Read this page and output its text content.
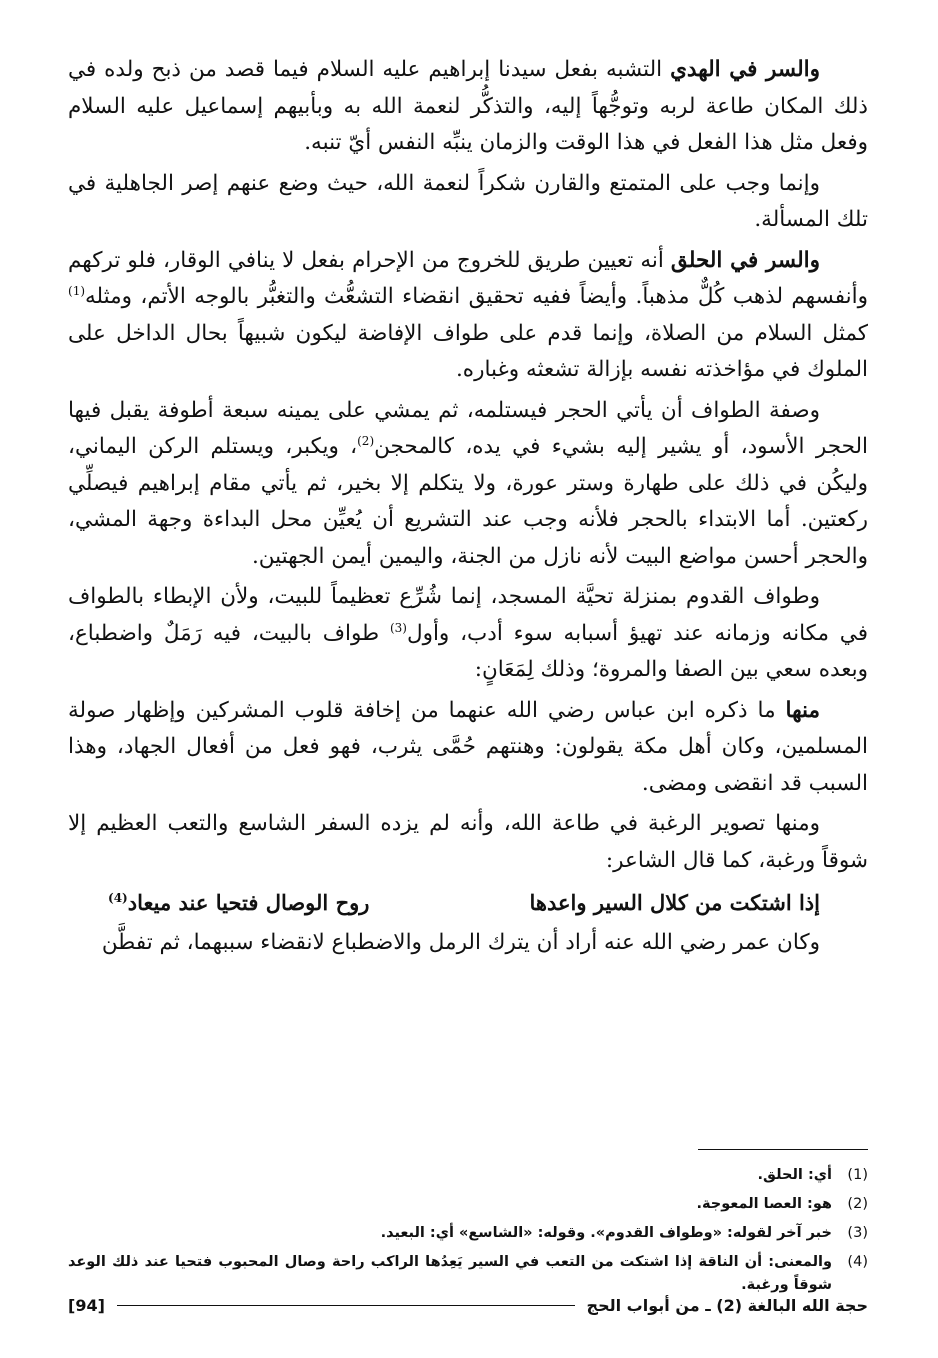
والسر في الهدي التشبه بفعل سيدنا إبراهيم عليه السلام فيما قصد من ذبح ولده في ذلك المكان طاعة لربه وتوجُّهاً إليه، والتذكُّر لنعمة الله به وبأبيهم إسماعيل عليه السلام وفعل مثل هذا الفعل في هذا الوقت والزمان ينبِّه النفس أيّ تنبه.

وإنما وجب على المتمتع والقارن شكراً لنعمة الله، حيث وضع عنهم إصر الجاهلية في تلك المسألة.

والسر في الحلق أنه تعيين طريق للخروج من الإحرام بفعل لا ينافي الوقار، فلو تركهم وأنفسهم لذهب كُلٌّ مذهباً. وأيضاً ففيه تحقيق انقضاء التشعُّث والتغبُّر بالوجه الأتم، ومثله$^{(1)}$ كمثل السلام من الصلاة، وإنما قدم على طواف الإفاضة ليكون شبيهاً بحال الداخل على الملوك في مؤاخذته نفسه بإزالة تشعثه وغباره.

وصفة الطواف أن يأتي الحجر فيستلمه، ثم يمشي على يمينه سبعة أطوفة يقبل فيها الحجر الأسود، أو يشير إليه بشيء في يده، كالمحجن$^{(2)}$، ويكبر، ويستلم الركن اليماني، وليكُن في ذلك على طهارة وستر عورة، ولا يتكلم إلا بخير، ثم يأتي مقام إبراهيم فيصلِّي ركعتين. أما الابتداء بالحجر فلأنه وجب عند التشريع أن يُعيِّن محل البداءة وجهة المشي، والحجر أحسن مواضع البيت لأنه نازل من الجنة، واليمين أيمن الجهتين.

وطواف القدوم بمنزلة تحيَّة المسجد، إنما شُرِّع تعظيماً للبيت، ولأن الإبطاء بالطواف في مكانه وزمانه عند تهيؤ أسبابه سوء أدب، وأول$^{(3)}$ طواف بالبيت، فيه رَمَلٌ واضطباع، وبعده سعي بين الصفا والمروة؛ وذلك لِمَعَانٍ:

منها ما ذكره ابن عباس رضي الله عنهما من إخافة قلوب المشركين وإظهار صولة المسلمين، وكان أهل مكة يقولون: وهنتهم حُمَّى يثرب، فهو فعل من أفعال الجهاد، وهذا السبب قد انقضى ومضى.

ومنها تصوير الرغبة في طاعة الله، وأنه لم يزده السفر الشاسع والتعب العظيم إلا شوقاً ورغبة، كما قال الشاعر:

إذا اشتكت من كلال السير واعدها
روح الوصال فتحيا عند ميعاد$^{(4)}$

وكان عمر رضي الله عنه أراد أن يترك الرمل والاضطباع لانقضاء سببهما، ثم تفطَّن

(1)
أي: الحلق.
(2)
هو: العصا المعوجة.
(3)
خبر آخر لقوله: «وطواف القدوم». وقوله: «الشاسع» أي: البعيد.
(4)
والمعنى: أن الناقة إذا اشتكت من التعب في السير يَعِدُها الراكب راحة وصال المحبوب فتحيا عند ذلك الوعد شوقاً ورغبة.
حجة الله البالغة (2) ـ من أبواب الحج
[94]
